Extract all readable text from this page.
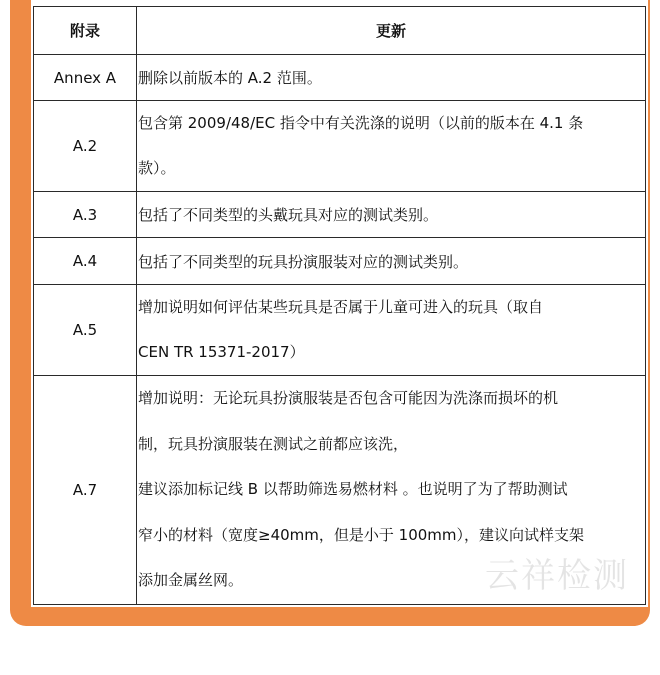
附录	更新
Annex A	删除以前版本的 A.2 范围。

A.2	包含第 2009/48/EC 指令中有关洗涤的说明（以前的版本在 4.1 条
款）。

A.3	包括了不同类型的头戴玩具对应的测试类别。

A.4	包括了不同类型的玩具扮演服装对应的测试类别。

A.5	增加说明如何评估某些玩具是否属于儿童可进入的玩具（取自
CEN TR 15371-2017）

A.7	增加说明：无论玩具扮演服装是否包含可能因为洗涤而损坏的机
制，玩具扮演服装在测试之前都应该洗，
建议添加标记线 B 以帮助筛选易燃材料 。也说明了为了帮助测试
窄小的材料（宽度≥40mm，但是小于 100mm），建议向试样支架
添加金属丝网。	云祥检测
